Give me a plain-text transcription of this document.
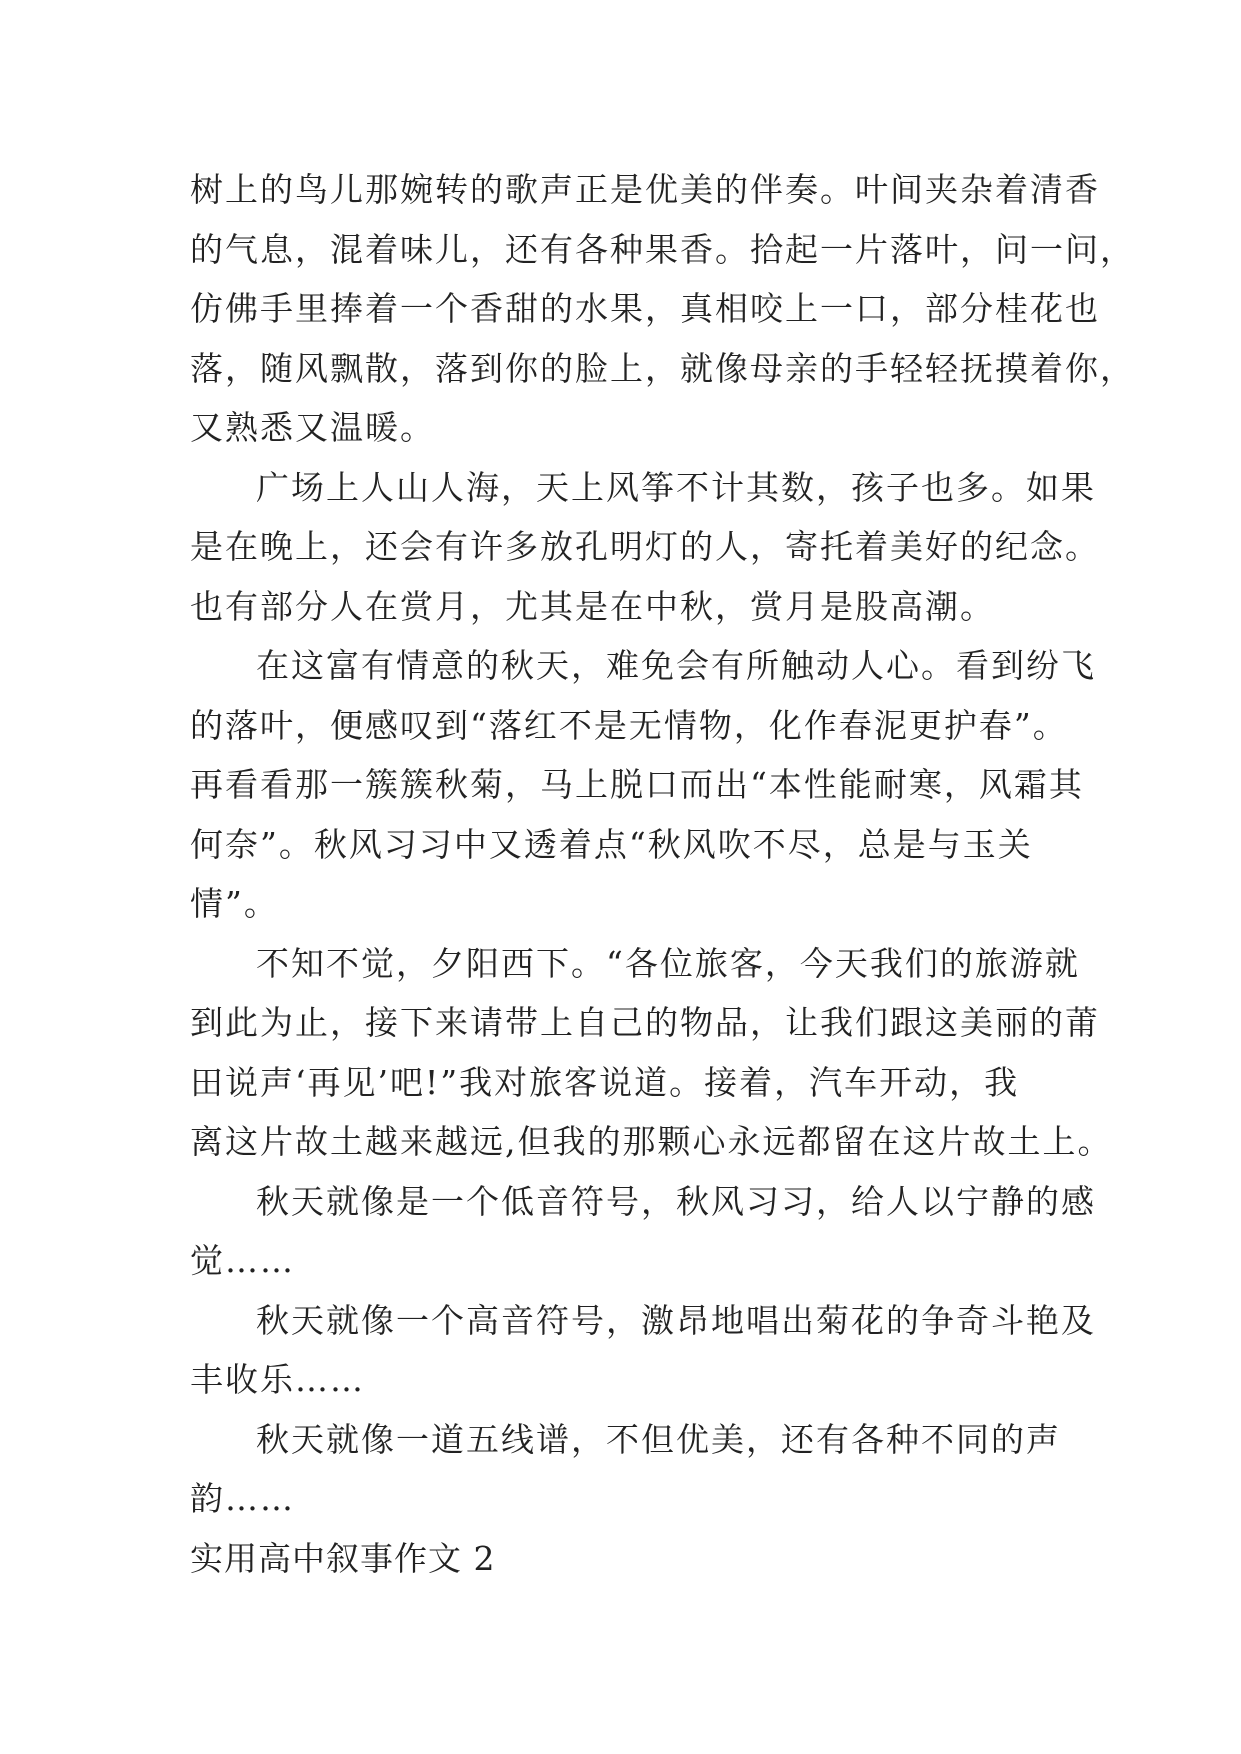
树上的鸟儿那婉转的歌声正是优美的伴奏。叶间夹杂着清香
的气息，混着味儿，还有各种果香。拾起一片落叶，问一问，
仿佛手里捧着一个香甜的水果，真相咬上一口，部分桂花也
落，随风飘散，落到你的脸上，就像母亲的手轻轻抚摸着你，
又熟悉又温暖。
广场上人山人海，天上风筝不计其数，孩子也多。如果
是在晚上，还会有许多放孔明灯的人，寄托着美好的纪念。
也有部分人在赏月，尤其是在中秋，赏月是股高潮。
在这富有情意的秋天，难免会有所触动人心。看到纷飞
的落叶，便感叹到“落红不是无情物，化作春泥更护春”。
再看看那一簇簇秋菊，马上脱口而出“本性能耐寒，风霜其
何奈”。秋风习习中又透着点“秋风吹不尽，总是与玉关
情”。
不知不觉，夕阳西下。“各位旅客，今天我们的旅游就
到此为止，接下来请带上自己的物品，让我们跟这美丽的莆
田说声‘再见’吧!”我对旅客说道。接着，汽车开动，我
离这片故土越来越远,但我的那颗心永远都留在这片故土上。
秋天就像是一个低音符号，秋风习习，给人以宁静的感
觉……
秋天就像一个高音符号，激昂地唱出菊花的争奇斗艳及
丰收乐……
秋天就像一道五线谱，不但优美，还有各种不同的声
韵……
实用高中叙事作文 2
